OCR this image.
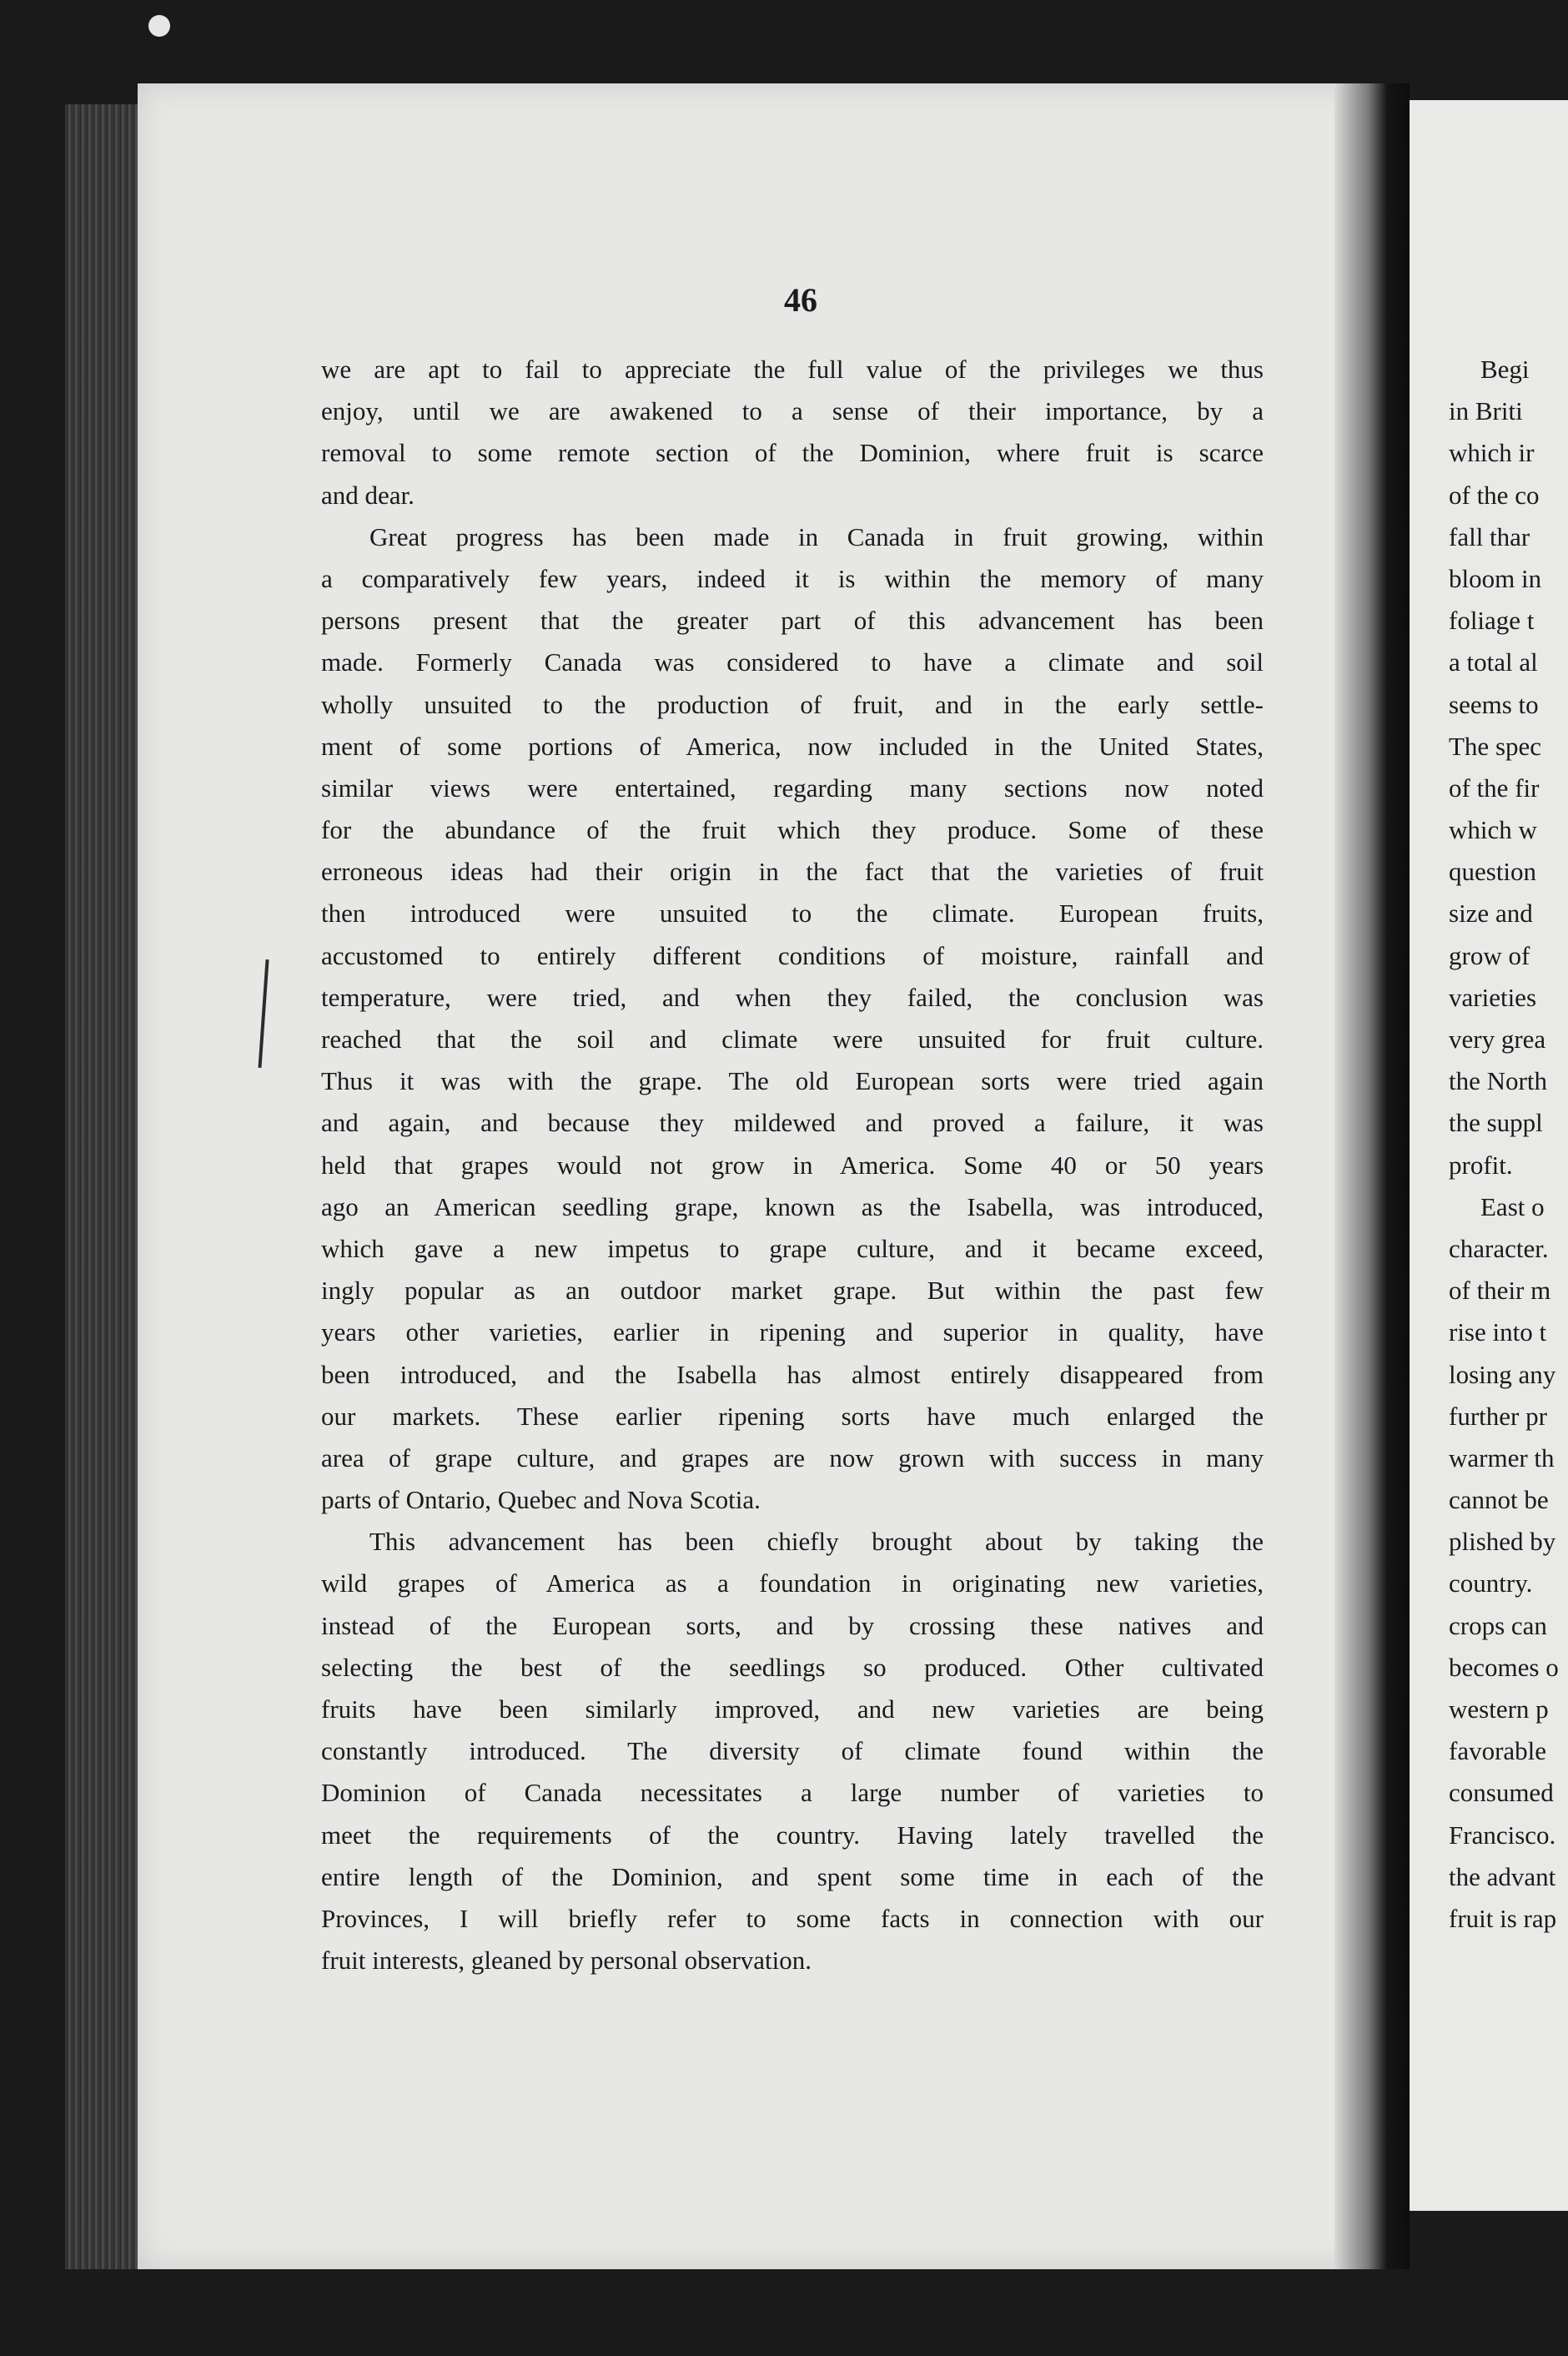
46
we are apt to fail to appreciate the full value of the privileges we thus
enjoy, until we are awakened to a sense of their importance, by a
removal to some remote section of the Dominion, where fruit is scarce
and dear.
Great progress has been made in Canada in fruit growing, within
a comparatively few years, indeed it is within the memory of many
persons present that the greater part of this advancement has been
made. Formerly Canada was considered to have a climate and soil
wholly unsuited to the production of fruit, and in the early settle-
ment of some portions of America, now included in the United States,
similar views were entertained, regarding many sections now noted
for the abundance of the fruit which they produce. Some of these
erroneous ideas had their origin in the fact that the varieties of fruit
then introduced were unsuited to the climate. European fruits,
accustomed to entirely different conditions of moisture, rainfall and
temperature, were tried, and when they failed, the conclusion was
reached that the soil and climate were unsuited for fruit culture.
Thus it was with the grape. The old European sorts were tried again
and again, and because they mildewed and proved a failure, it was
held that grapes would not grow in America. Some 40 or 50 years
ago an American seedling grape, known as the Isabella, was introduced,
which gave a new impetus to grape culture, and it became exceed,
ingly popular as an outdoor market grape. But within the past few
years other varieties, earlier in ripening and superior in quality, have
been introduced, and the Isabella has almost entirely disappeared from
our markets. These earlier ripening sorts have much enlarged the
area of grape culture, and grapes are now grown with success in many
parts of Ontario, Quebec and Nova Scotia.
This advancement has been chiefly brought about by taking the
wild grapes of America as a foundation in originating new varieties,
instead of the European sorts, and by crossing these natives and
selecting the best of the seedlings so produced. Other cultivated
fruits have been similarly improved, and new varieties are being
constantly introduced. The diversity of climate found within the
Dominion of Canada necessitates a large number of varieties to
meet the requirements of the country. Having lately travelled the
entire length of the Dominion, and spent some time in each of the
Provinces, I will briefly refer to some facts in connection with our
fruit interests, gleaned by personal observation.
Begi
in Briti
which ir
of the co
fall thar
bloom in
foliage t
a total al
seems to
The spec
of the fir
which w
question
size and
grow of
varieties
very grea
the North
the suppl
profit.
East o
character.
of their m
rise into t
losing any
further pr
warmer th
cannot be
plished by
country.
crops can
becomes o
western p
favorable
consumed
Francisco.
the advant
fruit is rap
